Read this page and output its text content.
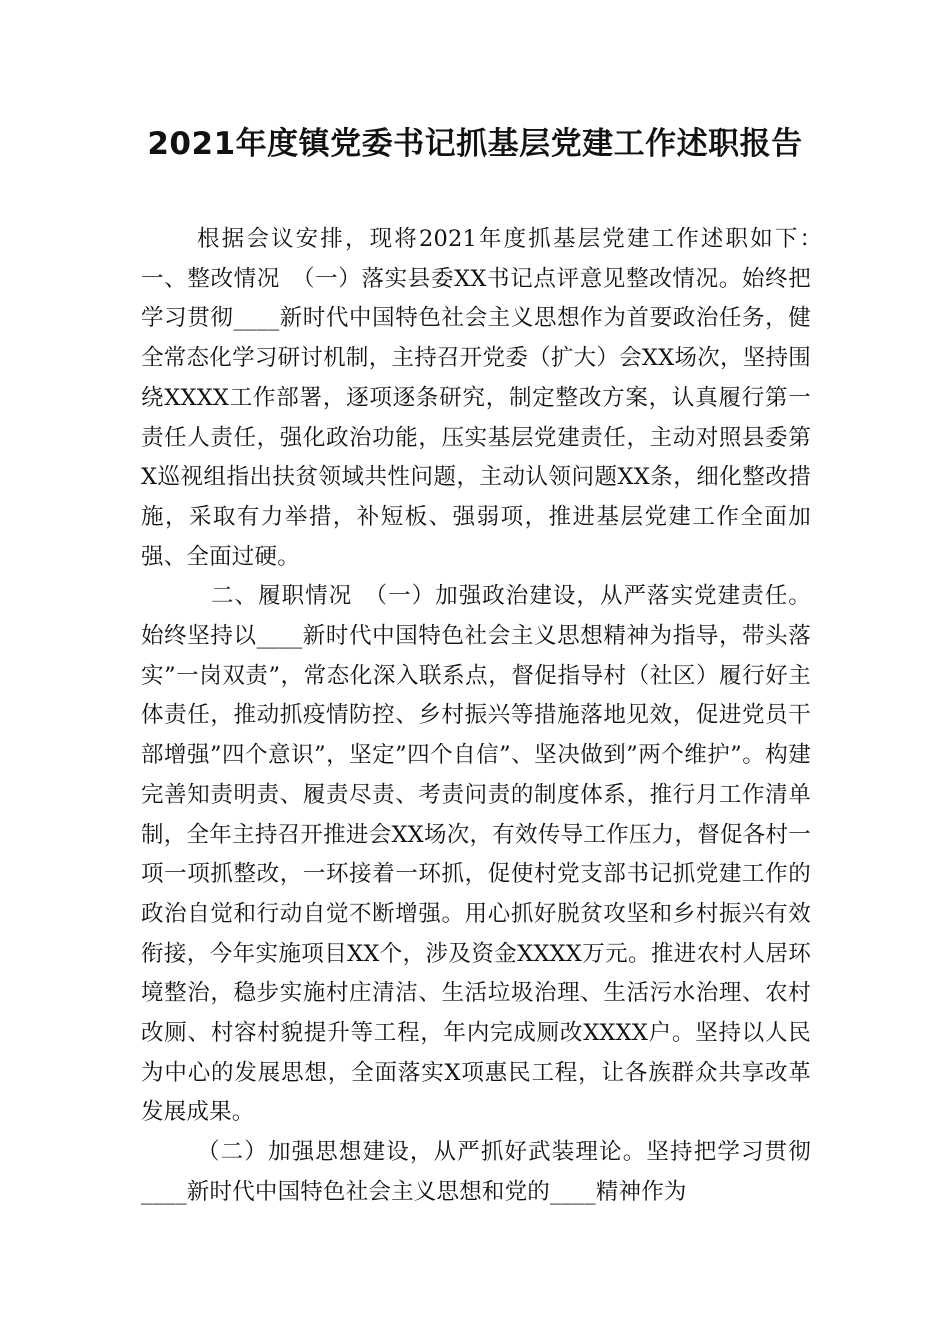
2021年度镇党委书记抓基层党建工作述职报告

根据会议安排，现将2021年度抓基层党建工作述职如下：　一、整改情况　（一）落实县委XX书记点评意见整改情况。始终把学习贯彻____新时代中国特色社会主义思想作为首要政治任务，健全常态化学习研讨机制，主持召开党委（扩大）会XX场次，坚持围绕XXXX工作部署，逐项逐条研究，制定整改方案，认真履行第一责任人责任，强化政治功能，压实基层党建责任，主动对照县委第X巡视组指出扶贫领域共性问题，主动认领问题XX条，细化整改措施，采取有力举措，补短板、强弱项，推进基层党建工作全面加强、全面过硬。

二、履职情况　（一）加强政治建设，从严落实党建责任。始终坚持以____新时代中国特色社会主义思想精神为指导，带头落实”一岗双责”，常态化深入联系点，督促指导村（社区）履行好主体责任，推动抓疫情防控、乡村振兴等措施落地见效，促进党员干部增强”四个意识”，坚定”四个自信”、坚决做到”两个维护”。构建完善知责明责、履责尽责、考责问责的制度体系，推行月工作清单制，全年主持召开推进会XX场次，有效传导工作压力，督促各村一项一项抓整改，一环接着一环抓，促使村党支部书记抓党建工作的政治自觉和行动自觉不断增强。用心抓好脱贫攻坚和乡村振兴有效衔接，今年实施项目XX个，涉及资金XXXX万元。推进农村人居环境整治，稳步实施村庄清洁、生活垃圾治理、生活污水治理、农村改厕、村容村貌提升等工程，年内完成厕改XXXX户。坚持以人民为中心的发展思想，全面落实X项惠民工程，让各族群众共享改革发展成果。

（二）加强思想建设，从严抓好武装理论。坚持把学习贯彻____新时代中国特色社会主义思想和党的____精神作为
